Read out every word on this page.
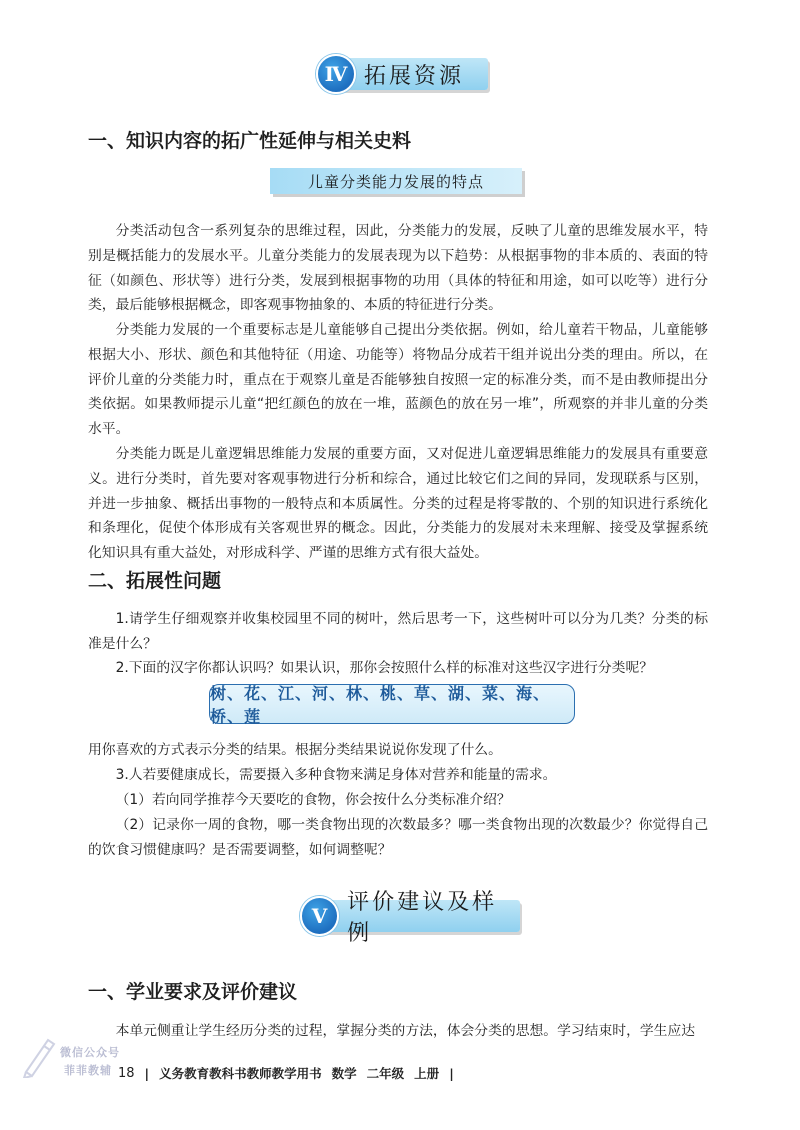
Ⅳ 拓展资源
一、知识内容的拓广性延伸与相关史料
儿童分类能力发展的特点

分类活动包含一系列复杂的思维过程，因此，分类能力的发展，反映了儿童的思维发展水平，特别是概括能力的发展水平。儿童分类能力的发展表现为以下趋势：从根据事物的非本质的、表面的特征（如颜色、形状等）进行分类，发展到根据事物的功用（具体的特征和用途，如可以吃等）进行分类，最后能够根据概念，即客观事物抽象的、本质的特征进行分类。

分类能力发展的一个重要标志是儿童能够自己提出分类依据。例如，给儿童若干物品，儿童能够根据大小、形状、颜色和其他特征（用途、功能等）将物品分成若干组并说出分类的理由。所以，在评价儿童的分类能力时，重点在于观察儿童是否能够独自按照一定的标准分类，而不是由教师提出分类依据。如果教师提示儿童“把红颜色的放在一堆，蓝颜色的放在另一堆”，所观察的并非儿童的分类水平。

分类能力既是儿童逻辑思维能力发展的重要方面，又对促进儿童逻辑思维能力的发展具有重要意义。进行分类时，首先要对客观事物进行分析和综合，通过比较它们之间的异同，发现联系与区别，并进一步抽象、概括出事物的一般特点和本质属性。分类的过程是将零散的、个别的知识进行系统化和条理化，促使个体形成有关客观世界的概念。因此，分类能力的发展对未来理解、接受及掌握系统化知识具有重大益处，对形成科学、严谨的思维方式有很大益处。

二、拓展性问题

1.请学生仔细观察并收集校园里不同的树叶，然后思考一下，这些树叶可以分为几类？分类的标准是什么？

2.下面的汉字你都认识吗？如果认识，那你会按照什么样的标准对这些汉字进行分类呢？

树、花、江、河、林、桃、草、湖、菜、海、桥、莲

用你喜欢的方式表示分类的结果。根据分类结果说说你发现了什么。

3.人若要健康成长，需要摄入多种食物来满足身体对营养和能量的需求。

（1）若向同学推荐今天要吃的食物，你会按什么分类标准介绍？

（2）记录你一周的食物，哪一类食物出现的次数最多？哪一类食物出现的次数最少？你觉得自己的饮食习惯健康吗？是否需要调整，如何调整呢？

Ⅴ
评价建议及样例
一、学业要求及评价建议

本单元侧重让学生经历分类的过程，掌握分类的方法，体会分类的思想。学习结束时，学生应达

微信公众号
菲菲教辅 18 | 义务教育教科书教师教学用书 数学 二年级 上册 |
